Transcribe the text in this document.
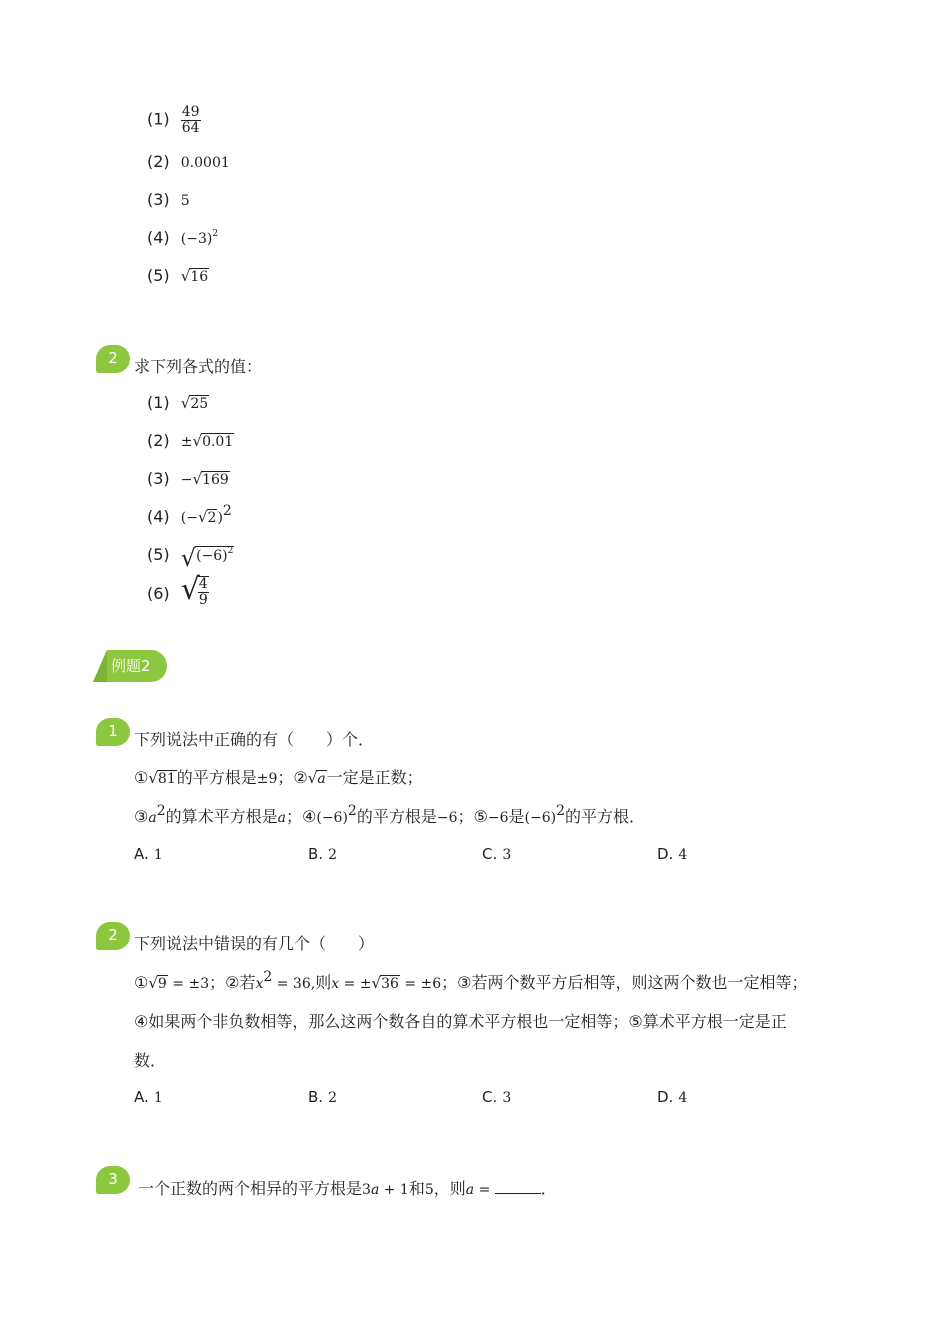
$(1) \frac{49}{64}$
(2) 0.0001
(3) 5
(4) $(-3)^2$
(5) √16
2	求下列各式的值：
(1) √25
(2) ±√0.01
(3) −√169
(4) $(-√2)^2$
(5) $√(-6)^2$
(6) √
$\frac{4}{9}$
例题2
1	下列说法中正确的有（　　）个．
①√81的平方根是±9；②√a一定是正数；
$③a^2$的算术平方根是a；$④(-6)^2$的平方根是−6；⑤−6是$(-6)^2$的平方根．
A. 1	B. 2	C. 3	D. 4
2	下列说法中错误的有几个（　　）
①√9 = ±3；②若$x^2 = 36$,则x = ±√36 = ±6；③若两个数平方后相等，则这两个数也一定相等；
④如果两个非负数相等，那么这两个数各自的算术平方根也一定相等；⑤算术平方根一定是正
数．
A. 1	B. 2	C. 3	D. 4
3	一个正数的两个相异的平方根是3a + 1和5，则a =	．
